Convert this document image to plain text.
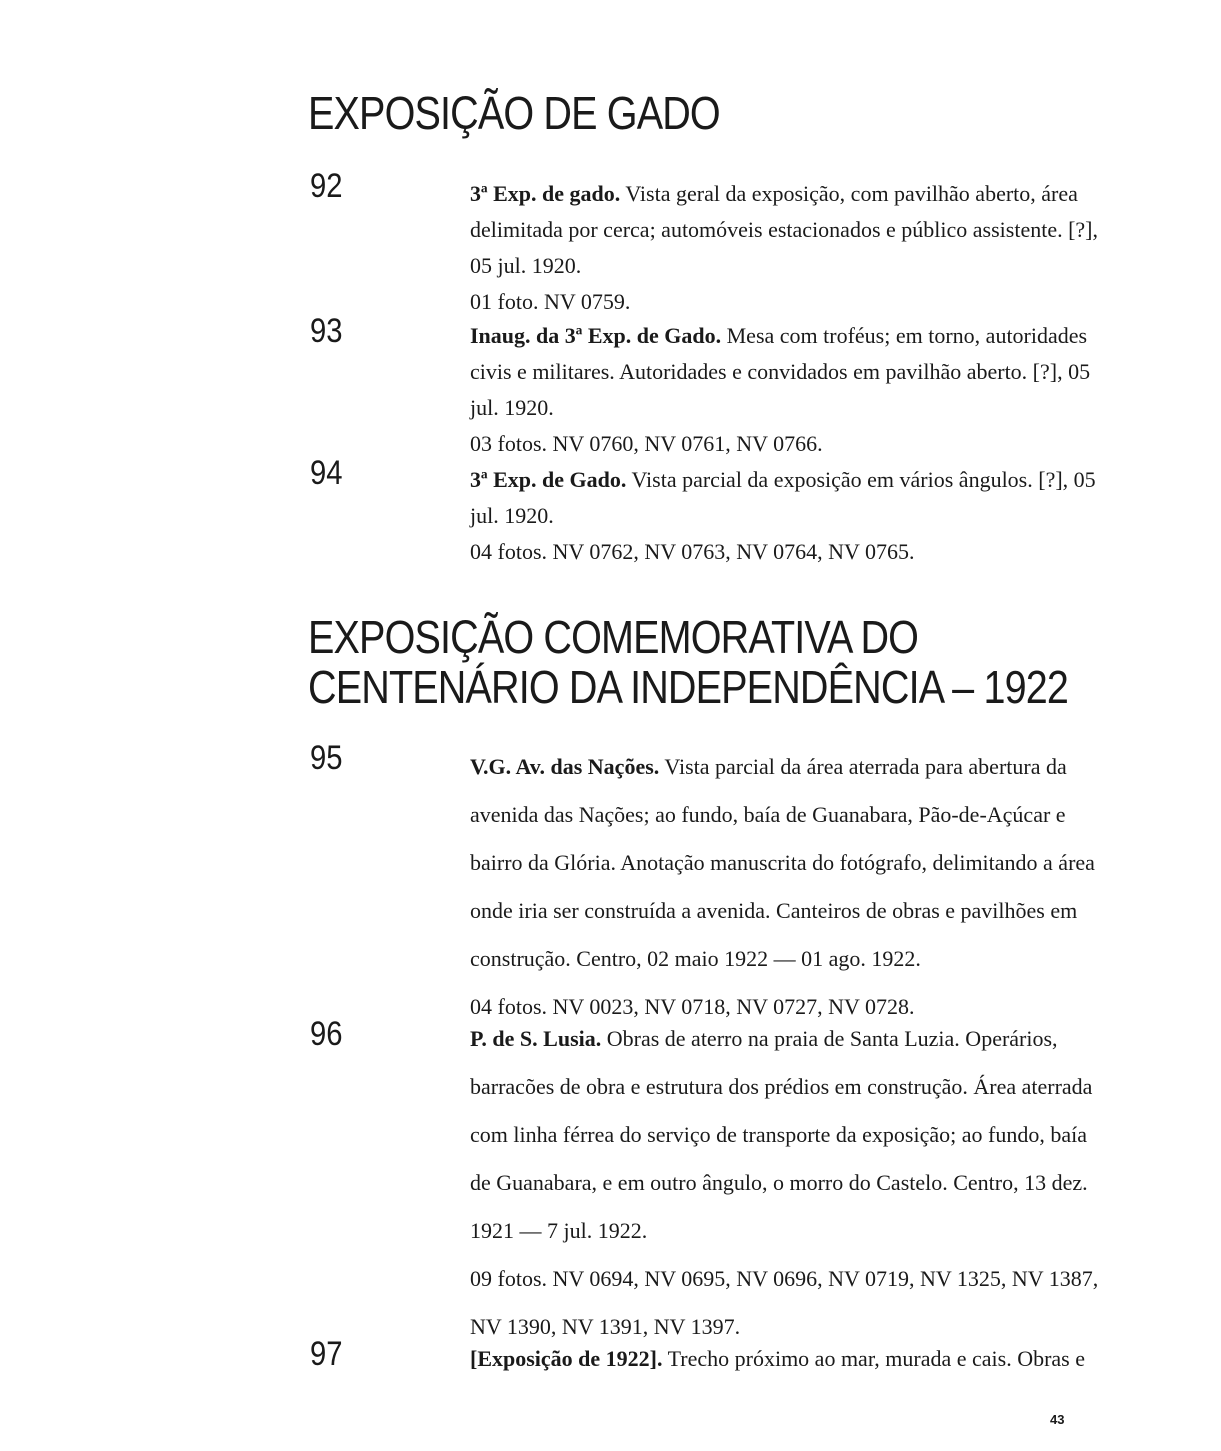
EXPOSIÇÃO DE GADO
92	3ª Exp. de gado. Vista geral da exposição, com pavilhão aberto, área delimitada por cerca; automóveis estacionados e público assistente. [?], 05 jul. 1920.

01 foto. NV 0759.

93	Inaug. da 3ª Exp. de Gado. Mesa com troféus; em torno, autoridades civis e militares. Autoridades e convidados em pavilhão aberto. [?], 05 jul. 1920.

03 fotos. NV 0760, NV 0761, NV 0766.

94	3ª Exp. de Gado. Vista parcial da exposição em vários ângulos. [?], 05 jul. 1920.

04 fotos. NV 0762, NV 0763, NV 0764, NV 0765.

EXPOSIÇÃO COMEMORATIVA DO
CENTENÁRIO DA INDEPENDÊNCIA – 1922
95	V.G. Av. das Nações. Vista parcial da área aterrada para abertura da avenida das Nações; ao fundo, baía de Guanabara, Pão-de-Açúcar e bairro da Glória. Anotação manuscrita do fotógrafo, delimitando a área onde iria ser construída a avenida. Canteiros de obras e pavilhões em construção. Centro, 02 maio 1922 — 01 ago. 1922.

04 fotos. NV 0023, NV 0718, NV 0727, NV 0728.

96	P. de S. Lusia. Obras de aterro na praia de Santa Luzia. Operários, barracões de obra e estrutura dos prédios em construção. Área aterrada com linha férrea do serviço de transporte da exposição; ao fundo, baía de Guanabara, e em outro ângulo, o morro do Castelo. Centro, 13 dez. 1921 — 7 jul. 1922.

09 fotos. NV 0694, NV 0695, NV 0696, NV 0719, NV 1325, NV 1387, NV 1390, NV 1391, NV 1397.

97	[Exposição de 1922]. Trecho próximo ao mar, murada e cais. Obras e

43
